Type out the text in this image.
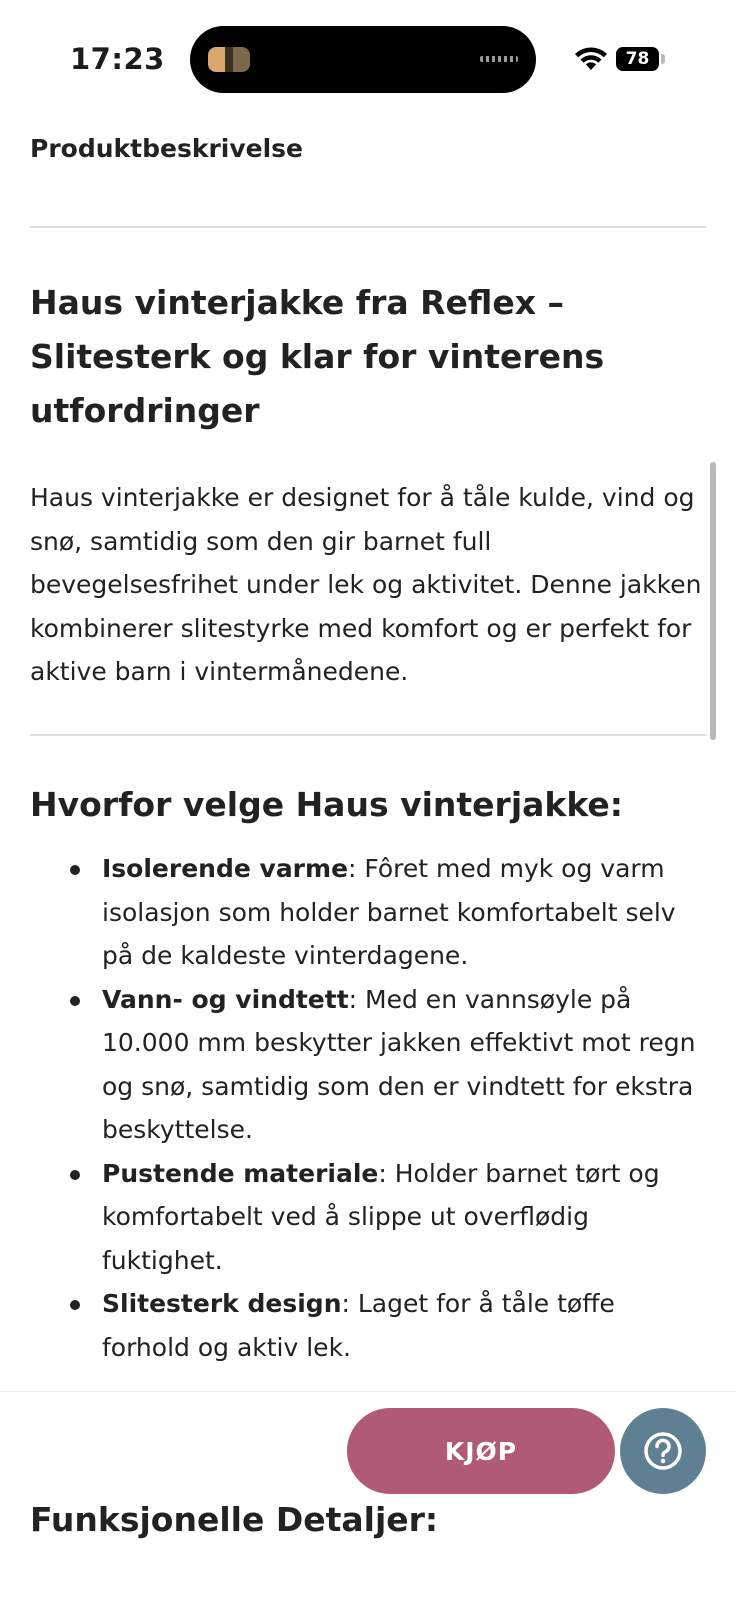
17:23	78
Produktbeskrivelse
Haus vinterjakke fra Reflex – Slitesterk og klar for vinterens utfordringer

Haus vinterjakke er designet for å tåle kulde, vind og snø, samtidig som den gir barnet full bevegelsesfrihet under lek og aktivitet. Denne jakken kombinerer slitestyrke med komfort og er perfekt for aktive barn i vintermånedene.

Hvorfor velge Haus vinterjakke:
Isolerende varme: Fôret med myk og varm isolasjon som holder barnet komfortabelt selv på de kaldeste vinterdagene.
Vann- og vindtett: Med en vannsøyle på 10.000 mm beskytter jakken effektivt mot regn og snø, samtidig som den er vindtett for ekstra beskyttelse.
Pustende materiale: Holder barnet tørt og komfortabelt ved å slippe ut overflødig fuktighet.
Slitesterk design: Laget for å tåle tøffe forhold og aktiv lek.
KJØP
Funksjonelle Detaljer:
